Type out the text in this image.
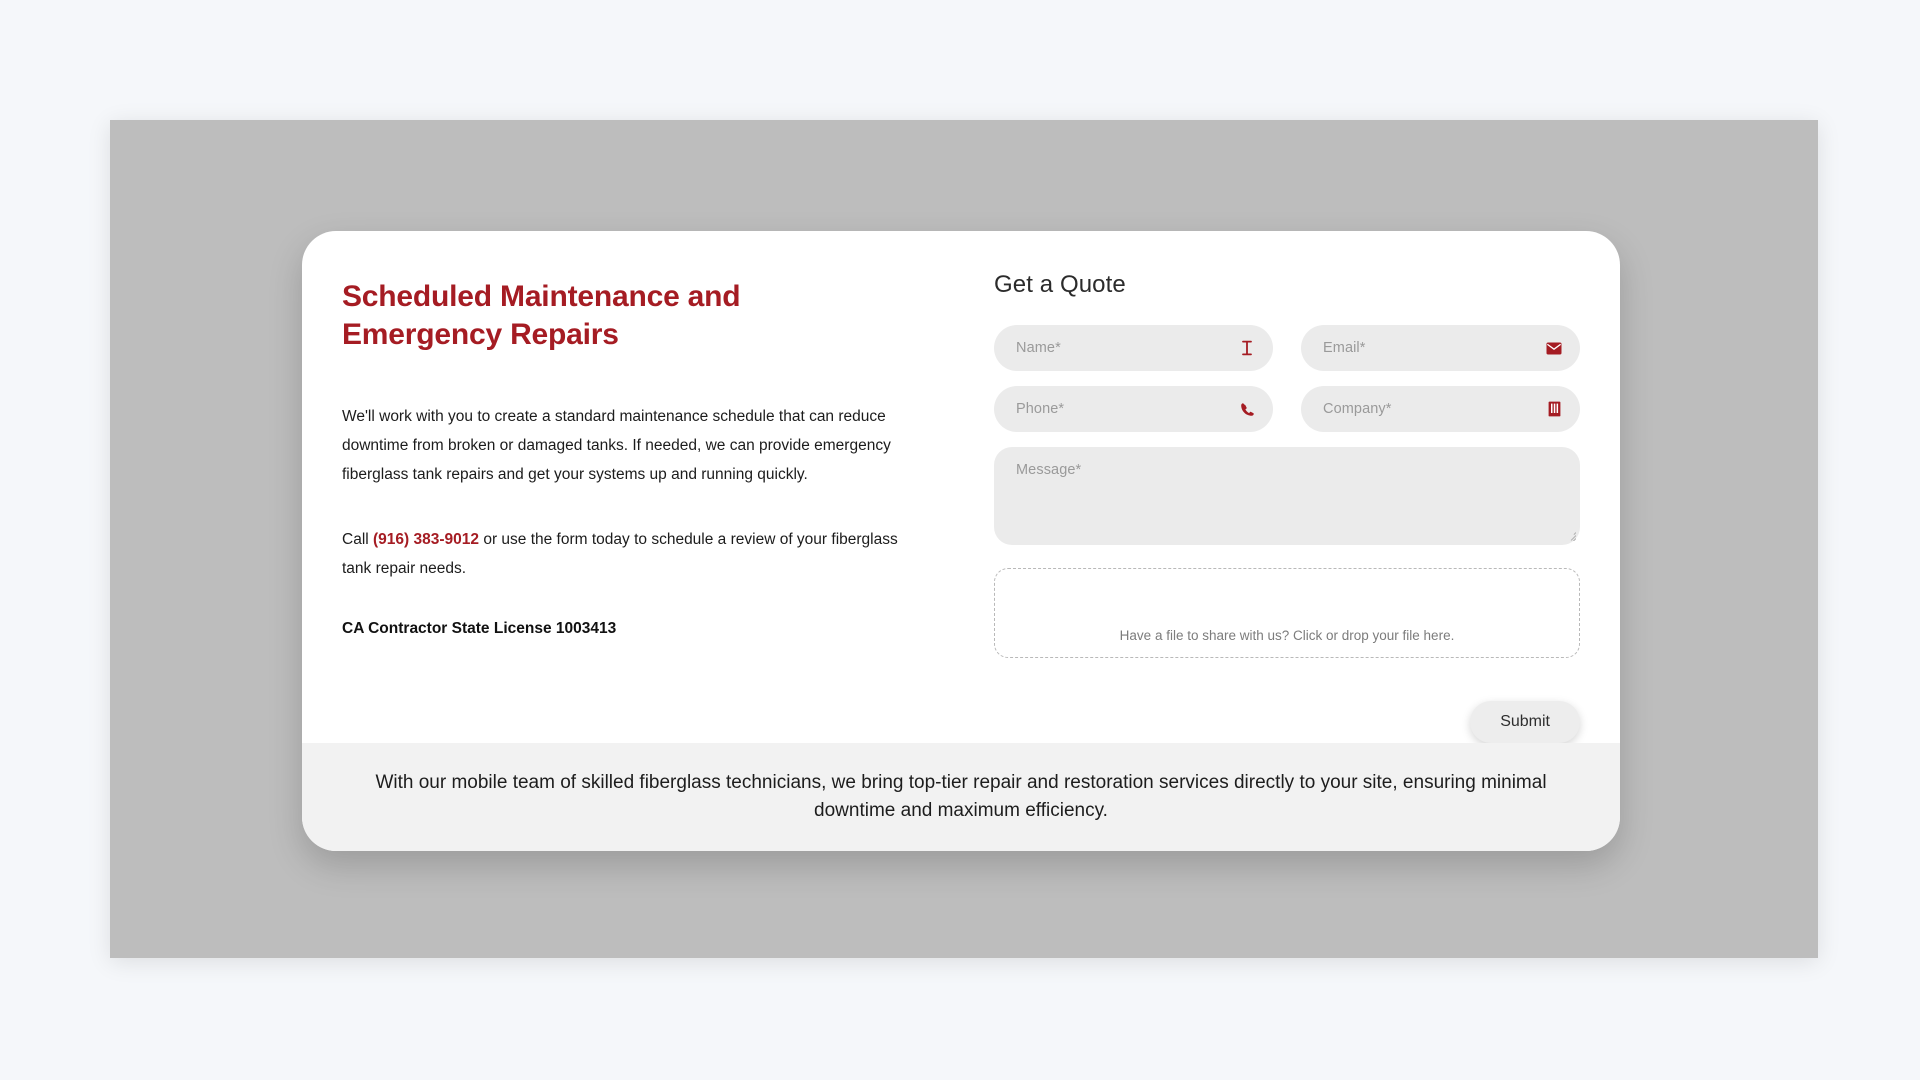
Scheduled Maintenance and Emergency Repairs

We'll work with you to create a standard maintenance schedule that can reduce downtime from broken or damaged tanks. If needed, we can provide emergency fiberglass tank repairs and get your systems up and running quickly.

Call (916) 383-9012 or use the form today to schedule a review of your fiberglass tank repair needs.

CA Contractor State License 1003413

Get a Quote
Name*	Email*
Phone*	Company*
Message*
Have a file to share with us? Click or drop your file here.
Submit

With our mobile team of skilled fiberglass technicians, we bring top-tier repair and restoration services directly to your site, ensuring minimal downtime and maximum efficiency.
